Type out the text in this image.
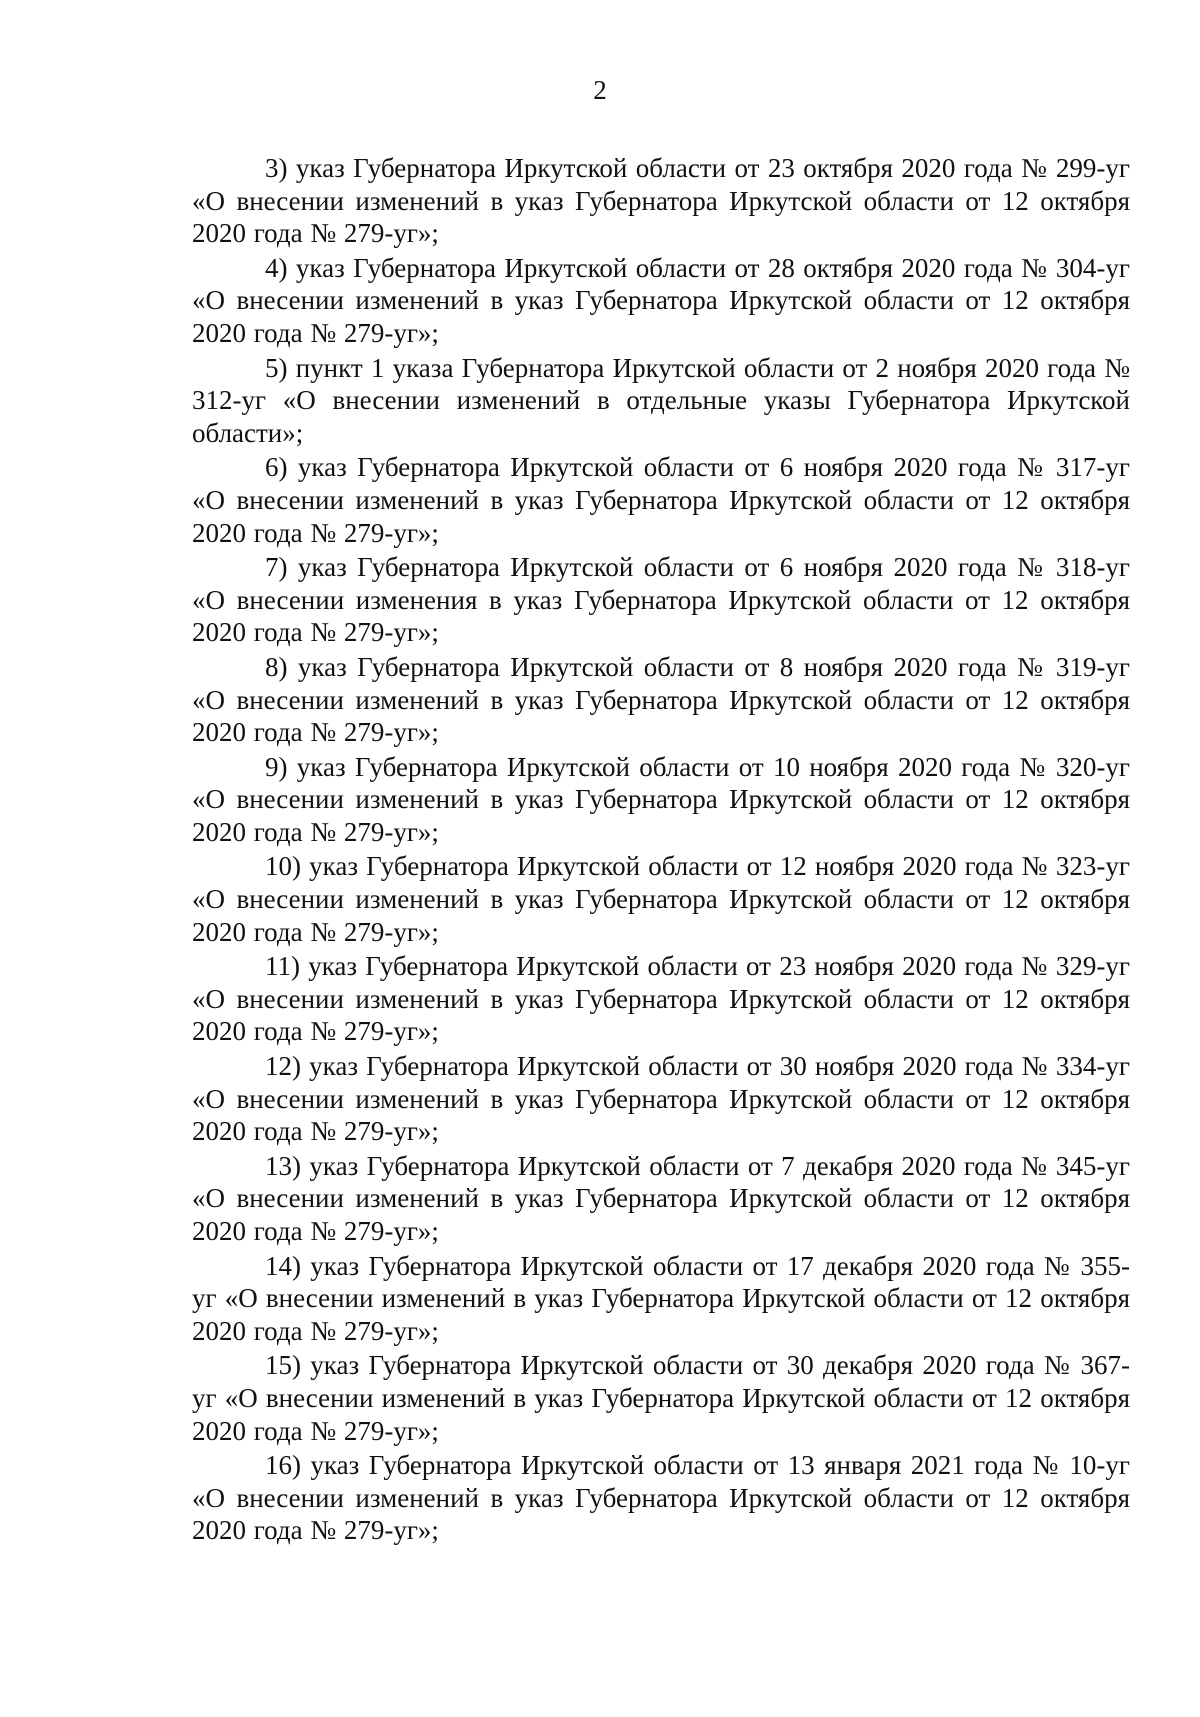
2

3) указ Губернатора Иркутской области от 23 октября 2020 года № 299-уг «О внесении изменений в указ Губернатора Иркутской области от 12 октября 2020 года № 279-уг»;

4) указ Губернатора Иркутской области от 28 октября 2020 года № 304-уг «О внесении изменений в указ Губернатора Иркутской области от 12 октября 2020 года № 279-уг»;

5) пункт 1 указа Губернатора Иркутской области от 2 ноября 2020 года № 312-уг «О внесении изменений в отдельные указы Губернатора Иркутской области»;

6) указ Губернатора Иркутской области от 6 ноября 2020 года № 317-уг «О внесении изменений в указ Губернатора Иркутской области от 12 октября 2020 года № 279-уг»;

7) указ Губернатора Иркутской области от 6 ноября 2020 года № 318-уг «О внесении изменения в указ Губернатора Иркутской области от 12 октября 2020 года № 279-уг»;

8) указ Губернатора Иркутской области от 8 ноября 2020 года № 319-уг «О внесении изменений в указ Губернатора Иркутской области от 12 октября 2020 года № 279-уг»;

9) указ Губернатора Иркутской области от 10 ноября 2020 года № 320-уг «О внесении изменений в указ Губернатора Иркутской области от 12 октября 2020 года № 279-уг»;

10) указ Губернатора Иркутской области от 12 ноября 2020 года № 323-уг «О внесении изменений в указ Губернатора Иркутской области от 12 октября 2020 года № 279-уг»;

11) указ Губернатора Иркутской области от 23 ноября 2020 года № 329-уг «О внесении изменений в указ Губернатора Иркутской области от 12 октября 2020 года № 279-уг»;

12) указ Губернатора Иркутской области от 30 ноября 2020 года № 334-уг «О внесении изменений в указ Губернатора Иркутской области от 12 октября 2020 года № 279-уг»;

13) указ Губернатора Иркутской области от 7 декабря 2020 года № 345-уг «О внесении изменений в указ Губернатора Иркутской области от 12 октября 2020 года № 279-уг»;

14) указ Губернатора Иркутской области от 17 декабря 2020 года № 355-уг «О внесении изменений в указ Губернатора Иркутской области от 12 октября 2020 года № 279-уг»;

15) указ Губернатора Иркутской области от 30 декабря 2020 года № 367-уг «О внесении изменений в указ Губернатора Иркутской области от 12 октября 2020 года № 279-уг»;

16) указ Губернатора Иркутской области от 13 января 2021 года № 10-уг «О внесении изменений в указ Губернатора Иркутской области от 12 октября 2020 года № 279-уг»;
